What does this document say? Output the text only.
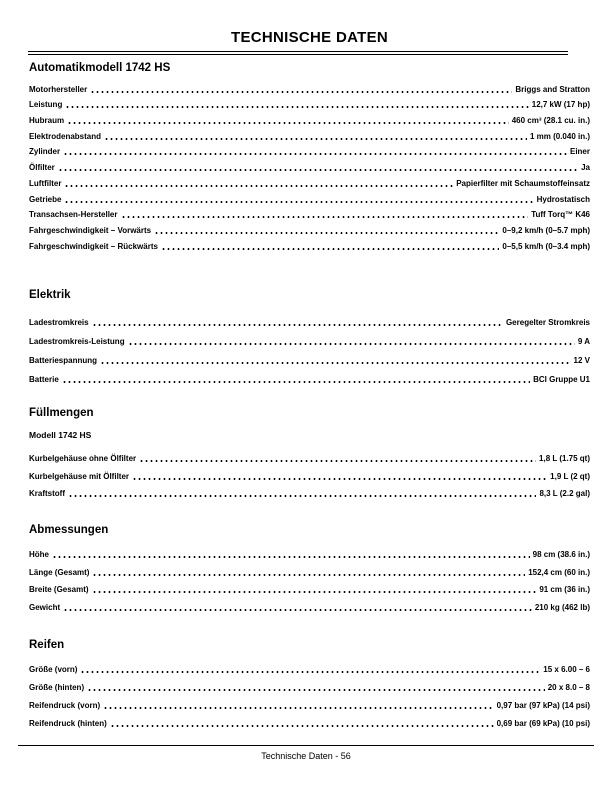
TECHNISCHE DATEN
Automatikmodell 1742 HS
Motorhersteller	Briggs and Stratton
Leistung	12,7 kW (17 hp)
Hubraum	460 cm³ (28.1 cu. in.)
Elektrodenabstand	1 mm (0.040 in.)
Zylinder	Einer
Ölfilter	Ja
Luftfilter	Papierfilter mit Schaumstoffeinsatz
Getriebe	Hydrostatisch
Transachsen-Hersteller	Tuff Torq™ K46
Fahrgeschwindigkeit – Vorwärts	0–9,2 km/h (0–5.7 mph)
Fahrgeschwindigkeit – Rückwärts	0–5,5 km/h (0–3.4 mph)
Elektrik
Ladestromkreis	Geregelter Stromkreis
Ladestromkreis-Leistung	9 A
Batteriespannung	12 V
Batterie	BCI Gruppe U1
Füllmengen
Modell 1742 HS
Kurbelgehäuse ohne Ölfilter	1,8 L (1.75 qt)
Kurbelgehäuse mit Ölfilter	1,9 L (2 qt)
Kraftstoff	8,3 L (2.2 gal)
Abmessungen
Höhe	98 cm (38.6 in.)
Länge (Gesamt)	152,4 cm (60 in.)
Breite (Gesamt)	91 cm (36 in.)
Gewicht	210 kg (462 lb)
Reifen
Größe (vorn)	15 x 6.00 – 6
Größe (hinten)	20 x 8.0 – 8
Reifendruck (vorn)	0,97 bar (97 kPa) (14 psi)
Reifendruck (hinten)	0,69 bar (69 kPa) (10 psi)
Technische Daten - 56
